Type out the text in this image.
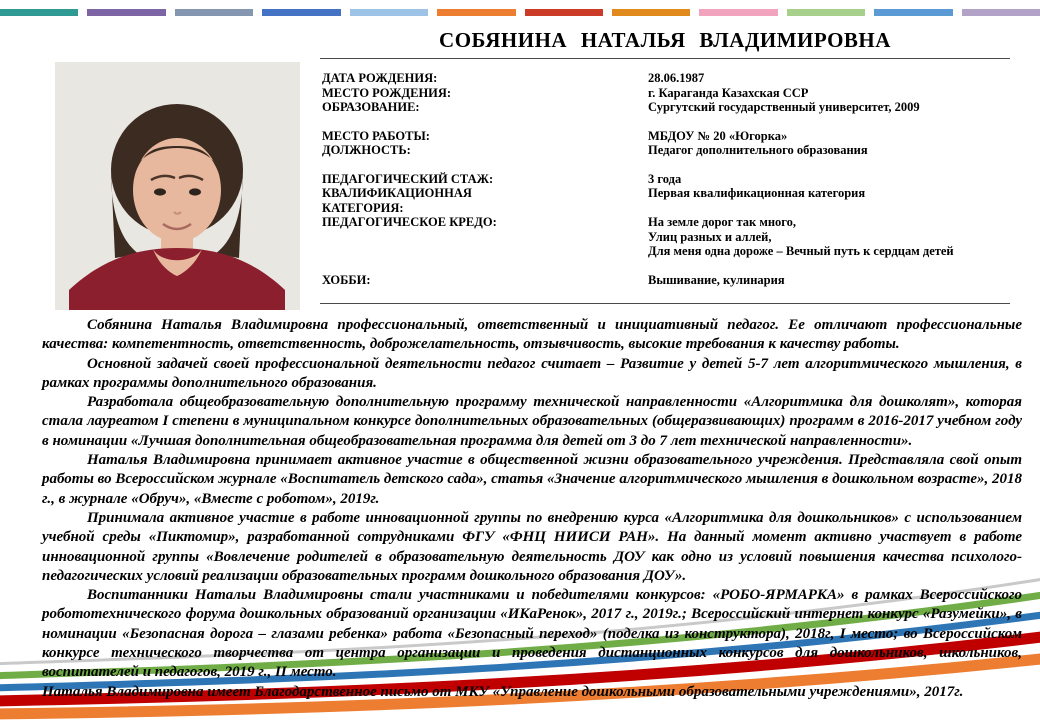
СОБЯНИНА НАТАЛЬЯ ВЛАДИМИРОВНА
ДАТА РОЖДЕНИЯ:	28.06.1987
МЕСТО РОЖДЕНИЯ:	г. Караганда Казахская ССР
ОБРАЗОВАНИЕ:	Сургутский государственный университет, 2009
МЕСТО РАБОТЫ:	МБДОУ № 20 «Югорка»
ДОЛЖНОСТЬ:	Педагог дополнительного образования
ПЕДАГОГИЧЕСКИЙ СТАЖ:	3 года
КВАЛИФИКАЦИОННАЯ	Первая квалификационная категория
КАТЕГОРИЯ:
ПЕДАГОГИЧЕСКОЕ КРЕДО:	На земле дорог так много,
Улиц разных и аллей,
Для меня одна дороже – Вечный путь к сердцам детей
ХОББИ:	Вышивание, кулинария

Собянина Наталья Владимировна профессиональный, ответственный и инициативный педагог. Ее отличают профессиональные качества: компетентность, ответственность, доброжелательность, отзывчивость, высокие требования к качеству работы.

Основной задачей своей профессиональной деятельности педагог считает – Развитие у детей 5-7 лет алгоритмического мышления, в рамках программы дополнительного образования.

Разработала общеобразовательную дополнительную программу технической направленности «Алгоритмика для дошколят», которая стала лауреатом I степени в муниципальном конкурсе дополнительных образовательных (общеразвивающих) программ в 2016-2017 учебном году в номинации «Лучшая дополнительная общеобразовательная программа для детей от 3 до 7 лет технической направленности».

Наталья Владимировна принимает активное участие в общественной жизни образовательного учреждения. Представляла свой опыт работы во Всероссийском журнале «Воспитатель детского сада», статья «Значение алгоритмического мышления в дошкольном возрасте», 2018 г., в журнале «Обруч», «Вместе с роботом», 2019г.

Принимала активное участие в работе инновационной группы по внедрению курса «Алгоритмика для дошкольников» с использованием учебной среды «Пиктомир», разработанной сотрудниками ФГУ «ФНЦ НИИСИ РАН». На данный момент активно участвует в работе инновационной группы «Вовлечение родителей в образовательную деятельность ДОУ как одно из условий повышения качества психолого-педагогических условий реализации образовательных программ дошкольного образования ДОУ».

Воспитанники Натальи Владимировны стали участниками и победителями конкурсов: «РОБО-ЯРМАРКА» в рамках Всероссийского робототехнического форума дошкольных образований организации «ИКаРенок», 2017 г., 2019г.; Всероссийский интернет конкурс «Разумейки», в номинации «Безопасная дорога – глазами ребенка» работа «Безопасный переход» (поделка из конструктора), 2018г, I место; во Всероссийском конкурсе технического творчества от центра организации и проведения дистанционных конкурсов для дошкольников, школьников, воспитателей и педагогов, 2019 г., II место.

Наталья Владимировна имеет Благодарственное письмо от МКУ «Управление дошкольными образовательными учреждениями», 2017г.
